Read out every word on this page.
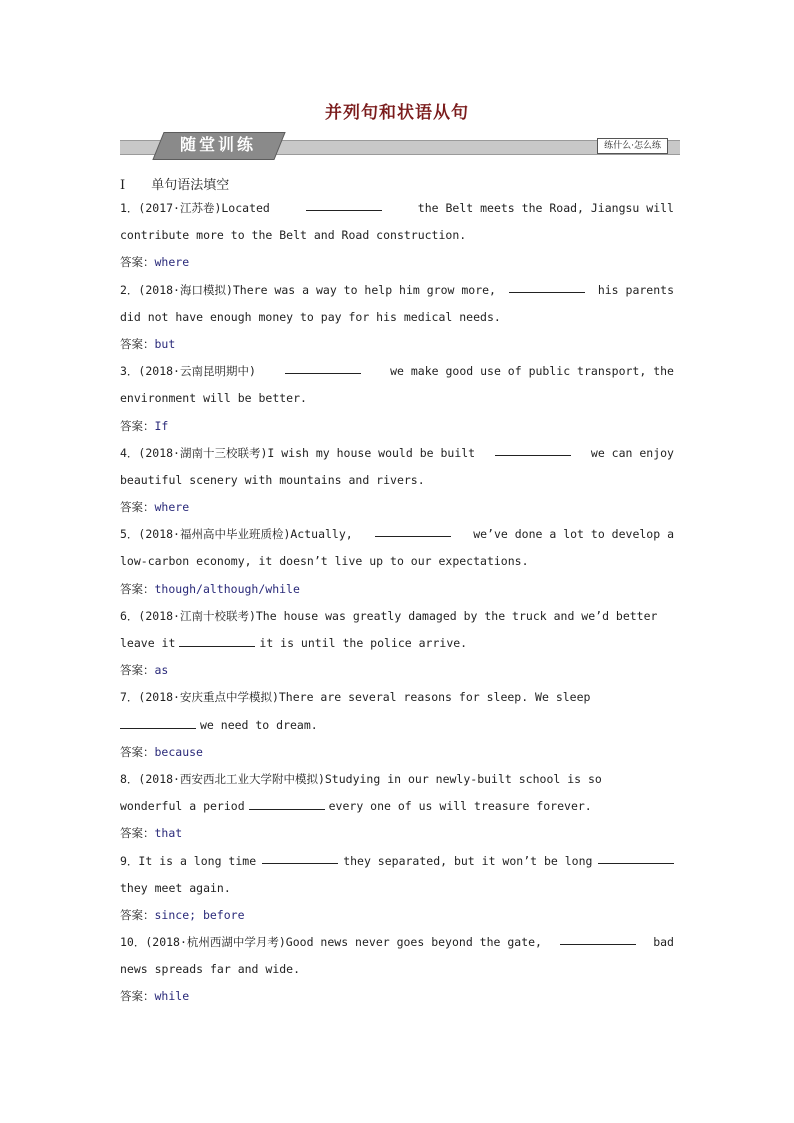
并列句和状语从句
随堂训练	练什么·怎么练
Ⅰ 单句语法填空
1．(2017·江苏卷)Located	the Belt meets the Road, Jiangsu will
contribute more to the Belt and Road construction.
答案：where
2．(2018·海口模拟)There was a way to help him grow more,	his parents
did not have enough money to pay for his medical needs.
答案：but
3．(2018·云南昆明期中)	we make good use of public transport, the
environment will be better.
答案：If
4．(2018·湖南十三校联考)I wish my house would be built	we can enjoy
beautiful scenery with mountains and rivers.
答案：where
5．(2018·福州高中毕业班质检)Actually,	we’ve done a lot to develop a
low-carbon economy, it doesn’t live up to our expectations.
答案：though/although/while
6．(2018·江南十校联考)The house was greatly damaged by the truck and we’d better
leave it	it is until the police arrive.
答案：as
7．(2018·安庆重点中学模拟)There are several reasons for sleep. We sleep
we need to dream.
答案：because
8．(2018·西安西北工业大学附中模拟)Studying in our newly-built school is so
wonderful a period	every one of us will treasure forever.
答案：that
9．It is a long time	they separated, but it won’t be long
they meet again.
答案：since; before
10．(2018·杭州西湖中学月考)Good news never goes beyond the gate,	bad
news spreads far and wide.
答案：while
